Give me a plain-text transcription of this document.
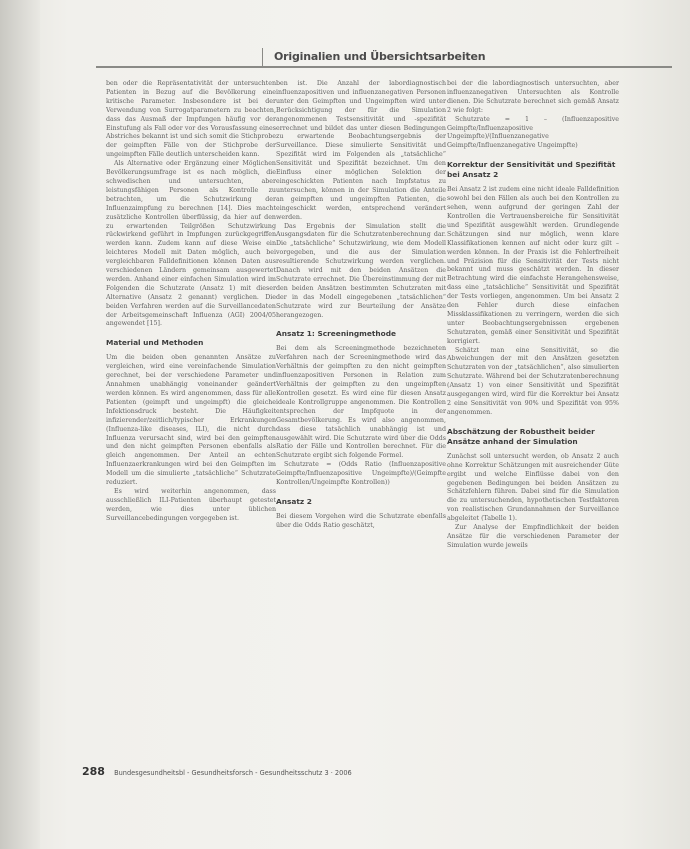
Originalien und Übersichtsarbeiten

ben oder die Repräsentativität der untersuchten Patienten in Bezug auf die Bevölkerung eine kritische Parameter. Insbesondere ist bei der Verwendung von Surrogatparametern zu beachten, dass das Ausmaß der Impfungen häufig vor der Einstufung als Fall oder vor des Vorausfassung eines Abstriches bekannt ist und sich somit die Stichprobe der geimpften Fälle von der Stichprobe der ungeimpften Fälle deutlich unterscheiden kann.

Als Alternative oder Ergänzung einer Möglichen Bevölkerungsumfrage ist es nach möglich, die schwedischen und untersuchten, aber leistungsfähigen Personen als Kontrolle zu betrachten, um die Schutzwirkung der Influenzaimpfung zu berechnen [14]. Dies macht zusätzliche Kontrollen überflüssig, da hier auf den zu erwartenden Teilgrößen Schutzwirkung rückwirkend geführt in Impfungen zurückgegriffen werden kann. Zudem kann auf diese Weise ein leichteres Modell mit Daten möglich, auch bei vergleichbaren Falldefinitionen können Daten aus verschiedenen Ländern gemeinsam ausgewertet werden. Anhand einer einfachen Simulation wird im Folgenden die Schutzrate (Ansatz 1) mit dieser Alternative (Ansatz 2 genannt) verglichen. Die beiden Verfahren werden auf die Surveillancedaten der Arbeitsgemeinschaft Influenza (AGI) 2004/05 angewendet [15].

Material und Methoden

Um die beiden oben genannten Ansätze zu vergleichen, wird eine vereinfachende Simulation gerechnet, bei der verschiedene Parameter und Annahmen unabhängig voneinander geändert werden können. Es wird angenommen, dass für alle Patienten (geimpft und ungeimpft) die gleiche Infektionsdruck besteht. Die Häufigkeit infizierender/zeitlich/typischer Erkrankungen (Influenza-like diseases, ILI), die nicht durch Influenza verursacht sind, wird bei den geimpften und den nicht geimpften Personen ebenfalls als gleich angenommen. Der Anteil an echten Influenzaerkrankungen wird bei den Geimpften im Modell um die simulierte „tatsächliche“ Schutzrate reduziert.

Es wird weiterhin angenommen, dass ausschließlich ILI-Patienten überhaupt getestet werden, wie dies unter üblichen Surveillancebedingungen vorgegeben ist.

ben ist. Die Anzahl der labordiagnostisch influenzapositiven und influenzanegativen Personen unter den Geimpften und Ungeimpften wird unter Berücksichtigung der für die Simulation angenommenen Testsensitivität und -spezifität errechnet und bildet das unter diesen Bedingungen zu erwartende Beobachtungsergebnis der Surveillance. Diese simulierte Sensitivität und Spezifität wird im Folgenden als „tatsächliche“ Sensitivität und Spezifität bezeichnet. Um den Einfluss einer möglichen Selektion der eingeschickten Patienten nach Impfstatus zu untersuchen, können in der Simulation die Anteile an geimpften und ungeimpften Patienten, die eingeschickt werden, entsprechend verändert werden.

Das Ergebnis der Simulation stellt die Ausgangsdaten für die Schutzratenberechnung dar. Die „tatsächliche“ Schutzwirkung, wie dem Modell vorgegeben, und die aus der Simulation resultierende Schutzwirkung werden verglichen. Danach wird mit den beiden Ansätzen die Schutzrate errechnet. Die Übereinstimmung der mit den beiden Ansätzen bestimmten Schutzraten mit der in das Modell eingegebenen „tatsächlichen“ Schutzrate wird zur Beurteilung der Ansätze herangezogen.

Ansatz 1: Screeningmethode

Bei dem als Screeningmethode bezeichneten Verfahren nach der Screeningmethode wird das Verhältnis der geimpften zu den nicht geimpften influenzapositiven Personen in Relation zum Verhältnis der geimpften zu den ungeimpften Kontrollen gesetzt. Es wird eine für diesen Ansatz ideale Kontrollgruppe angenommen. Die Kontrollen entsprechen der Impfquote in der Gesamtbevölkerung. Es wird also angenommen, dass diese tatsächlich unabhängig ist und ausgewählt wird. Die Schutzrate wird über die Odds Ratio der Fälle und Kontrollen berechnet. Für die Schutzrate ergibt sich folgende Formel.

Schutzrate = (Odds Ratio (Influenzapositive Geimpfte/Influenzapositive Ungeimpfte)/(Geimpfte Kontrollen/Ungeimpfte Kontrollen))

Ansatz 2

Bei diesem Vorgehen wird die Schutzrate ebenfalls über die Odds Ratio geschätzt,

bei der die labordiagnostisch untersuchten, aber influenzanegativen Untersuchten als Kontrolle dienen. Die Schutzrate berechnet sich gemäß Ansatz 2 wie folgt:

Schutzrate = 1 – (Influenzapositive Geimpfte/Influenzapositive Ungeimpfte)/(Influenzanegative Geimpfte/Influenzanegative Ungeimpfte)

Korrektur der Sensitivität und Spezifität bei Ansatz 2

Bei Ansatz 2 ist zudem eine nicht ideale Falldefinition sowohl bei den Fällen als auch bei den Kontrollen zu sehen, wenn aufgrund der geringen Zahl der Kontrollen die Vertrauensbereiche für Sensitivität und Spezifität ausgewählt werden. Grundlegende Schätzungen sind nur möglich, wenn klare Klassifikationen kennen auf nicht oder kurz gilt – werden können. In der Praxis ist die Fehlerfreiheit und Präzision für die Sensitivität der Tests nicht bekannt und muss geschätzt werden. In dieser Betrachtung wird die einfachste Herangehensweise, dass eine „tatsächliche“ Sensitivität und Spezifität der Tests vorliegen, angenommen. Um bei Ansatz 2 den Fehler durch diese einfachen Missklassifikationen zu verringern, werden die sich unter Beobachtungsergebnissen ergebenen Schutzraten, gemäß einer Sensitivität und Spezifität korrigiert.

Schätzt man eine Sensitivität, so die Abweichungen der mit den Ansätzen gesetzten Schutzraten von der „tatsächlichen“, also simulierten Schutzrate. Während bei der Schutzratenberechnung (Ansatz 1) von einer Sensitivität und Spezifität ausgegangen wird, wird für die Korrektur bei Ansatz 2 eine Sensitivität von 90% und Spezifität von 95% angenommen.

Abschätzung der Robustheit beider Ansätze anhand der Simulation

Zunächst soll untersucht werden, ob Ansatz 2 auch ohne Korrektur Schätzungen mit ausreichender Güte ergibt und welche Einflüsse dabei von den gegebenen Bedingungen bei beiden Ansätzen zu Schätzfehlern führen. Dabei sind für die Simulation die zu untersuchenden, hypothetischen Testfaktoren von realistischen Grundannahmen der Surveillance abgeleitet (Tabelle 1).

Zur Analyse der Empfindlichkeit der beiden Ansätze für die verschiedenen Parameter der Simulation wurde jeweils

288 Bundesgesundheitsbl - Gesundheitsforsch - Gesundheitsschutz 3 · 2006
